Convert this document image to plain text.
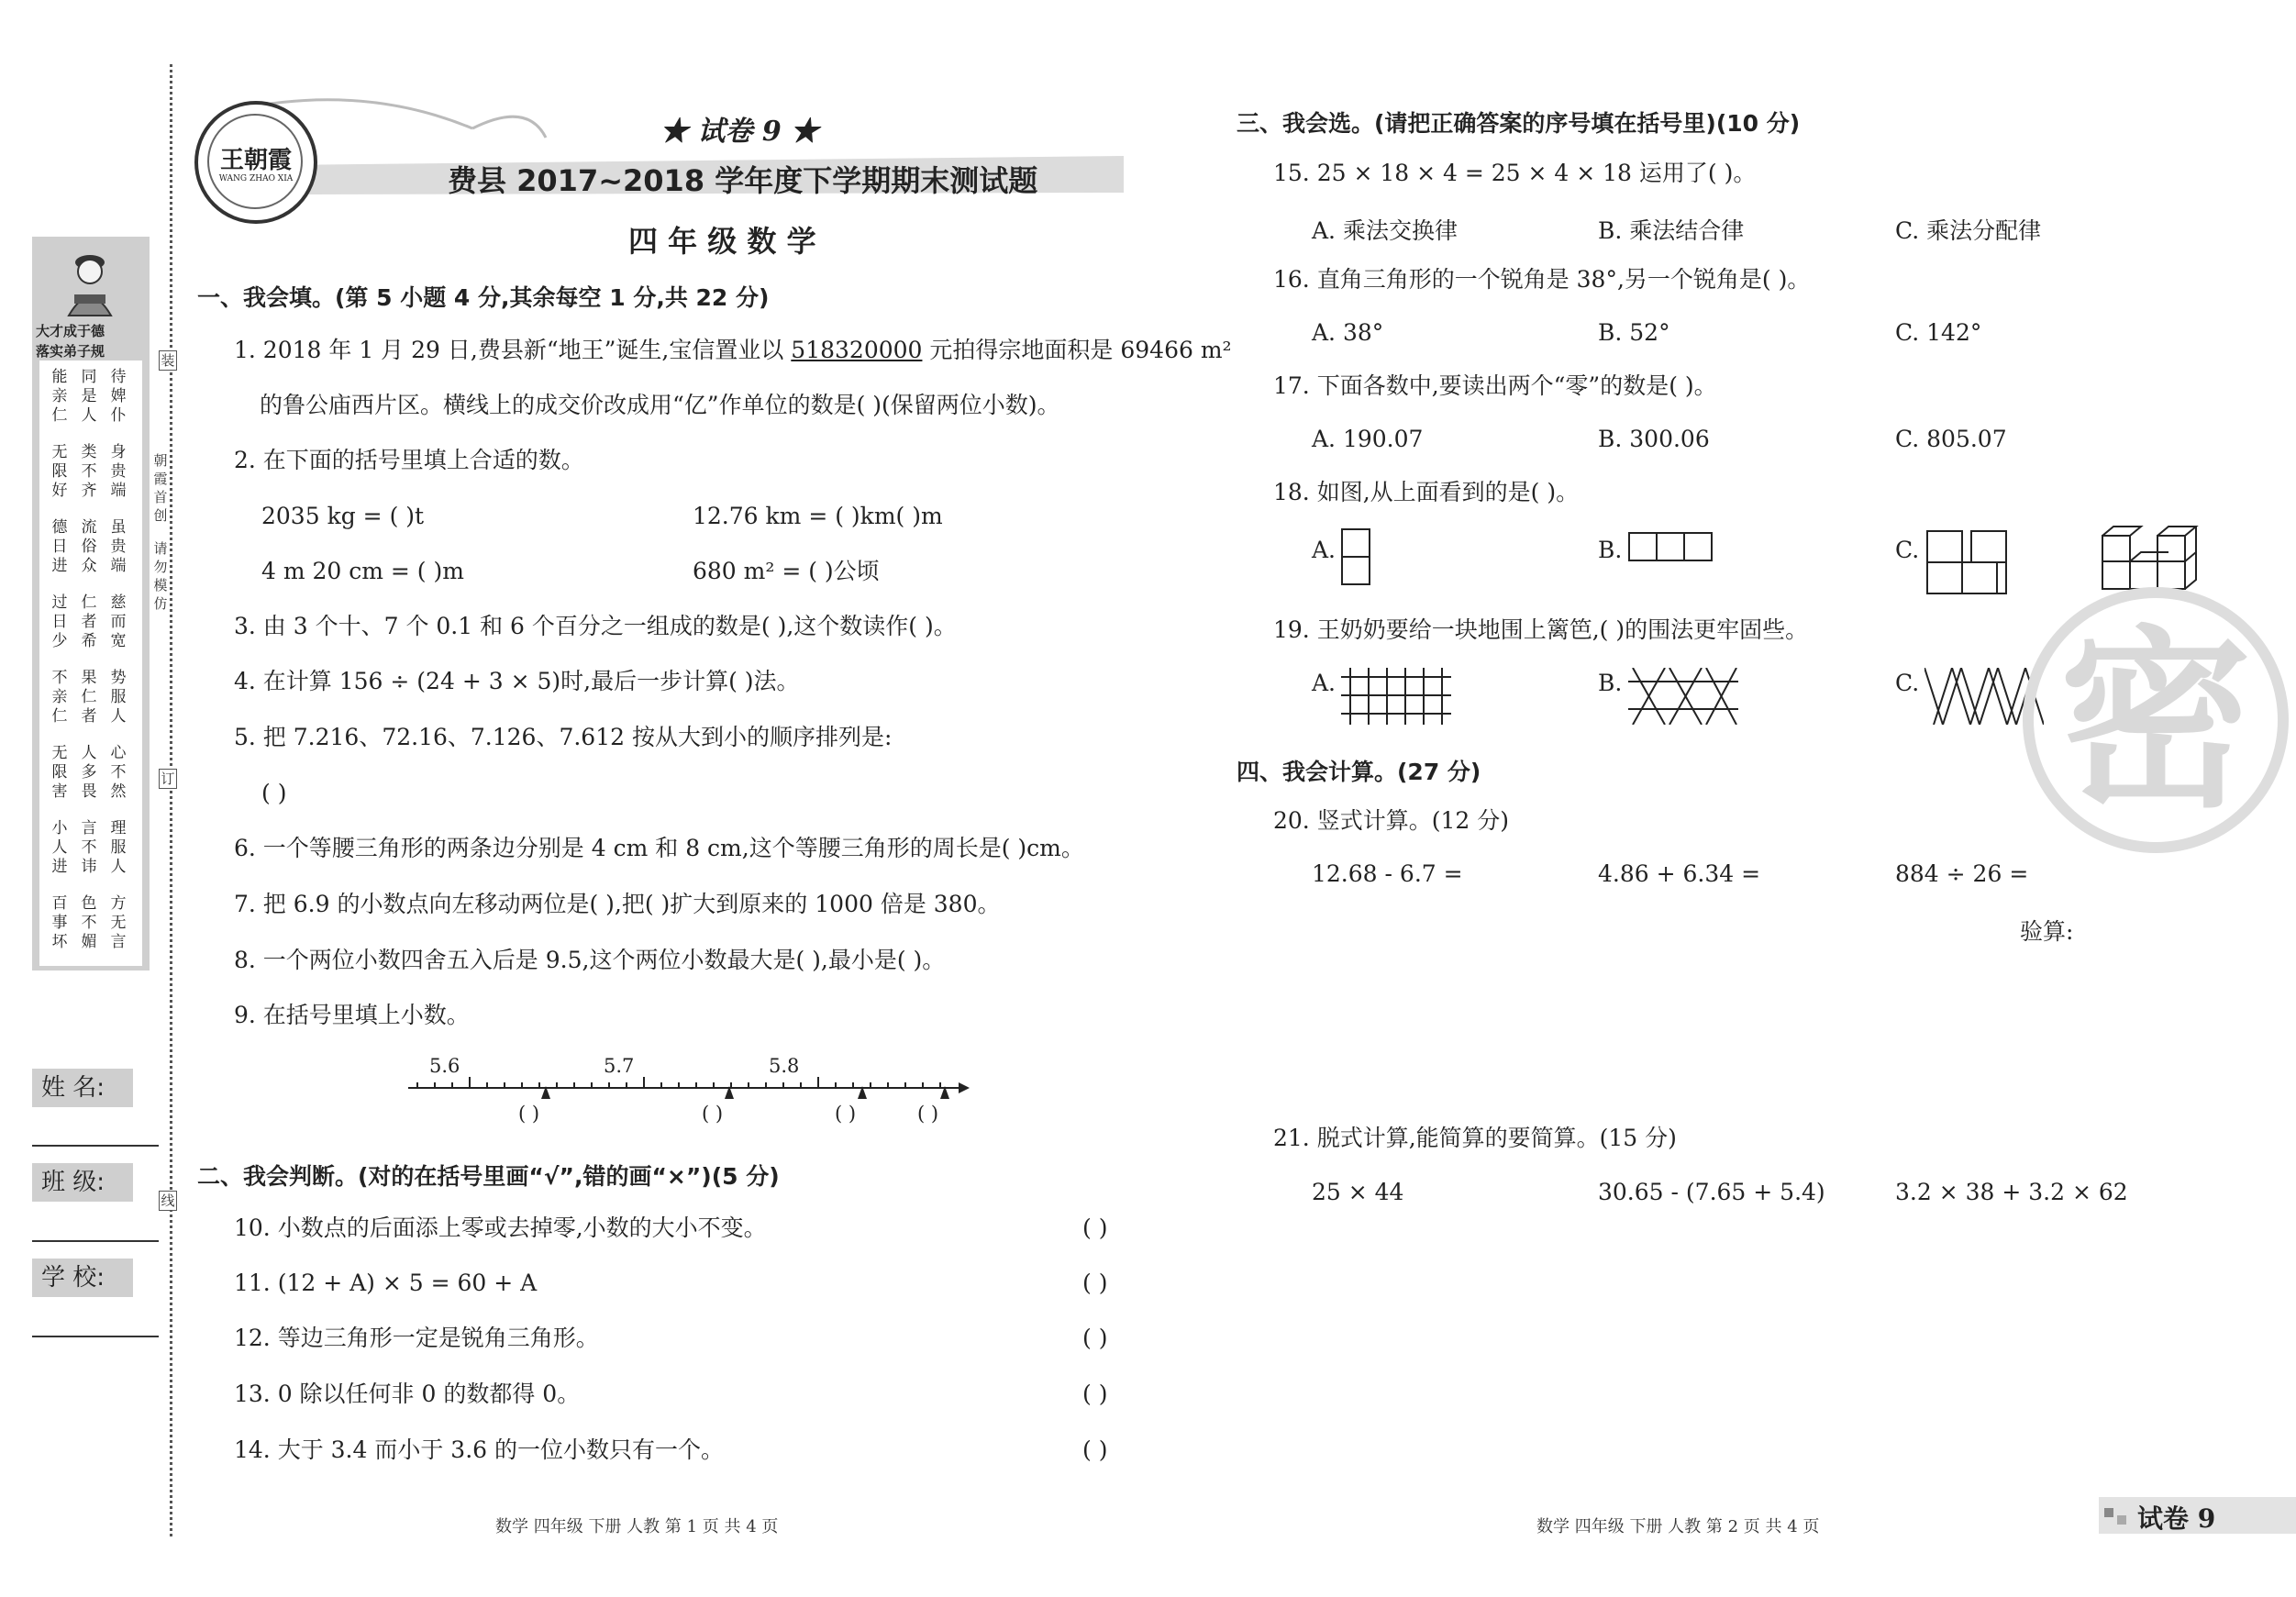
大才成于德
落实弟子规
能亲仁
无限好
德日进
过日少
不亲仁
无限害
小人进
百事坏
同是人
类不齐
流俗众
仁者希
果仁者
人多畏
言不讳
色不媚
待婢仆
身贵端
虽贵端
慈而宽
势服人
心不然
理服人
方无言
装
朝霞首创
请勿模仿
订
线
姓 名:
班 级:
学 校:
王朝霞
WANG ZHAO XIA
★ 试卷 9 ★
费县 2017~2018 学年度下学期期末测试题
四 年 级 数 学
一、我会填。(第 5 小题 4 分,其余每空 1 分,共 22 分)
1. 2018 年 1 月 29 日,费县新“地王”诞生,宝信置业以 518320000 元拍得宗地面积是 69466 m²
的鲁公庙西片区。横线上的成交价改成用“亿”作单位的数是( )(保留两位小数)。
2. 在下面的括号里填上合适的数。
2035 kg = ( )t	12.76 km = ( )km( )m
4 m 20 cm = ( )m	680 m² = ( )公顷
3. 由 3 个十、7 个 0.1 和 6 个百分之一组成的数是( ),这个数读作( )。
4. 在计算 156 ÷ (24 + 3 × 5)时,最后一步计算( )法。
5. 把 7.216、72.16、7.126、7.612 按从大到小的顺序排列是:
( )
6. 一个等腰三角形的两条边分别是 4 cm 和 8 cm,这个等腰三角形的周长是( )cm。
7. 把 6.9 的小数点向左移动两位是( ),把( )扩大到原来的 1000 倍是 380。
8. 一个两位小数四舍五入后是 9.5,这个两位小数最大是( ),最小是( )。
9. 在括号里填上小数。
5.6	5.7	5.8
( )	( )	( )	( )
二、我会判断。(对的在括号里画“√”,错的画“×”)(5 分)
10. 小数点的后面添上零或去掉零,小数的大小不变。	( )
11. (12 + A) × 5 = 60 + A	( )
12. 等边三角形一定是锐角三角形。	( )
13. 0 除以任何非 0 的数都得 0。	( )
14. 大于 3.4 而小于 3.6 的一位小数只有一个。	( )
三、我会选。(请把正确答案的序号填在括号里)(10 分)
15. 25 × 18 × 4 = 25 × 4 × 18 运用了( )。
A. 乘法交换律	B. 乘法结合律	C. 乘法分配律
16. 直角三角形的一个锐角是 38°,另一个锐角是( )。
A. 38°	B. 52°	C. 142°
17. 下面各数中,要读出两个“零”的数是( )。
A. 190.07	B. 300.06	C. 805.07
18. 如图,从上面看到的是( )。
A.	B.	C.
19. 王奶奶要给一块地围上篱笆,( )的围法更牢固些。
A.	B.	C.
四、我会计算。(27 分)
20. 竖式计算。(12 分)
12.68 - 6.7 =	4.86 + 6.34 =	884 ÷ 26 =
验算:
21. 脱式计算,能简算的要简算。(15 分)
25 × 44	30.65 - (7.65 + 5.4)	3.2 × 38 + 3.2 × 62
密
数学 四年级 下册 人教 第 1 页 共 4 页	数学 四年级 下册 人教 第 2 页 共 4 页	试卷 9
